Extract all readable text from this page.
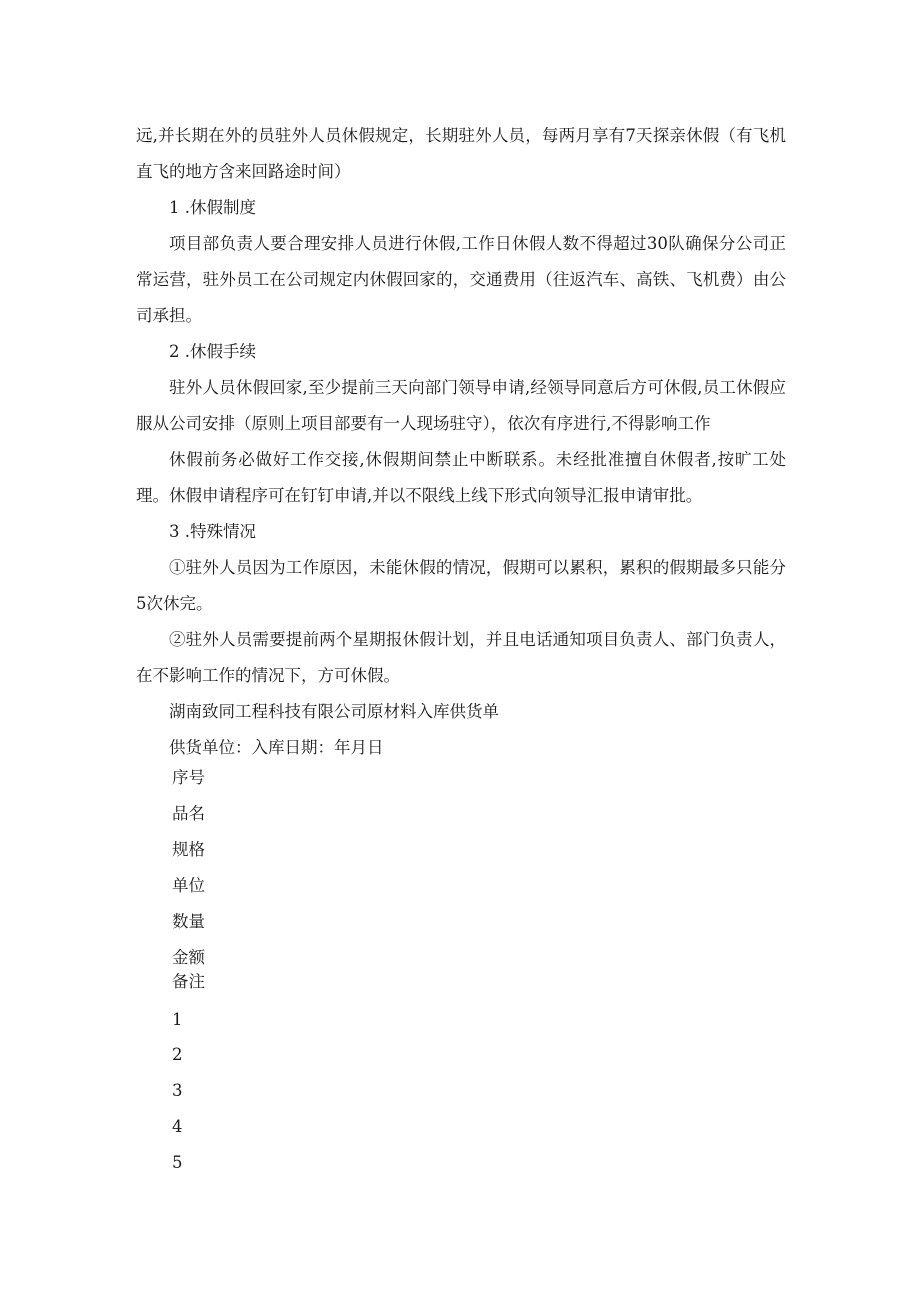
远,并长期在外的员驻外人员休假规定，长期驻外人员，每两月享有7天探亲休假（有飞机直飞的地方含来回路途时间）

1 .休假制度

项目部负责人要合理安排人员进行休假,工作日休假人数不得超过30队确保分公司正常运营，驻外员工在公司规定内休假回家的，交通费用（往返汽车、高铁、飞机费）由公司承担。

2 .休假手续

驻外人员休假回家,至少提前三天向部门领导申请,经领导同意后方可休假,员工休假应服从公司安排（原则上项目部要有一人现场驻守），依次有序进行,不得影响工作

休假前务必做好工作交接,休假期间禁止中断联系。未经批准擅自休假者,按旷工处理。休假申请程序可在钉钉申请,并以不限线上线下形式向领导汇报申请审批。

3 .特殊情况

①驻外人员因为工作原因，未能休假的情况，假期可以累积，累积的假期最多只能分5次休完。

②驻外人员需要提前两个星期报休假计划，并且电话通知项目负责人、部门负责人，在不影响工作的情况下，方可休假。

湖南致同工程科技有限公司原材料入库供货单

供货单位：入库日期：年月日

序号
品名
规格
单位
数量
金额
备注
1
2
3
4
5
